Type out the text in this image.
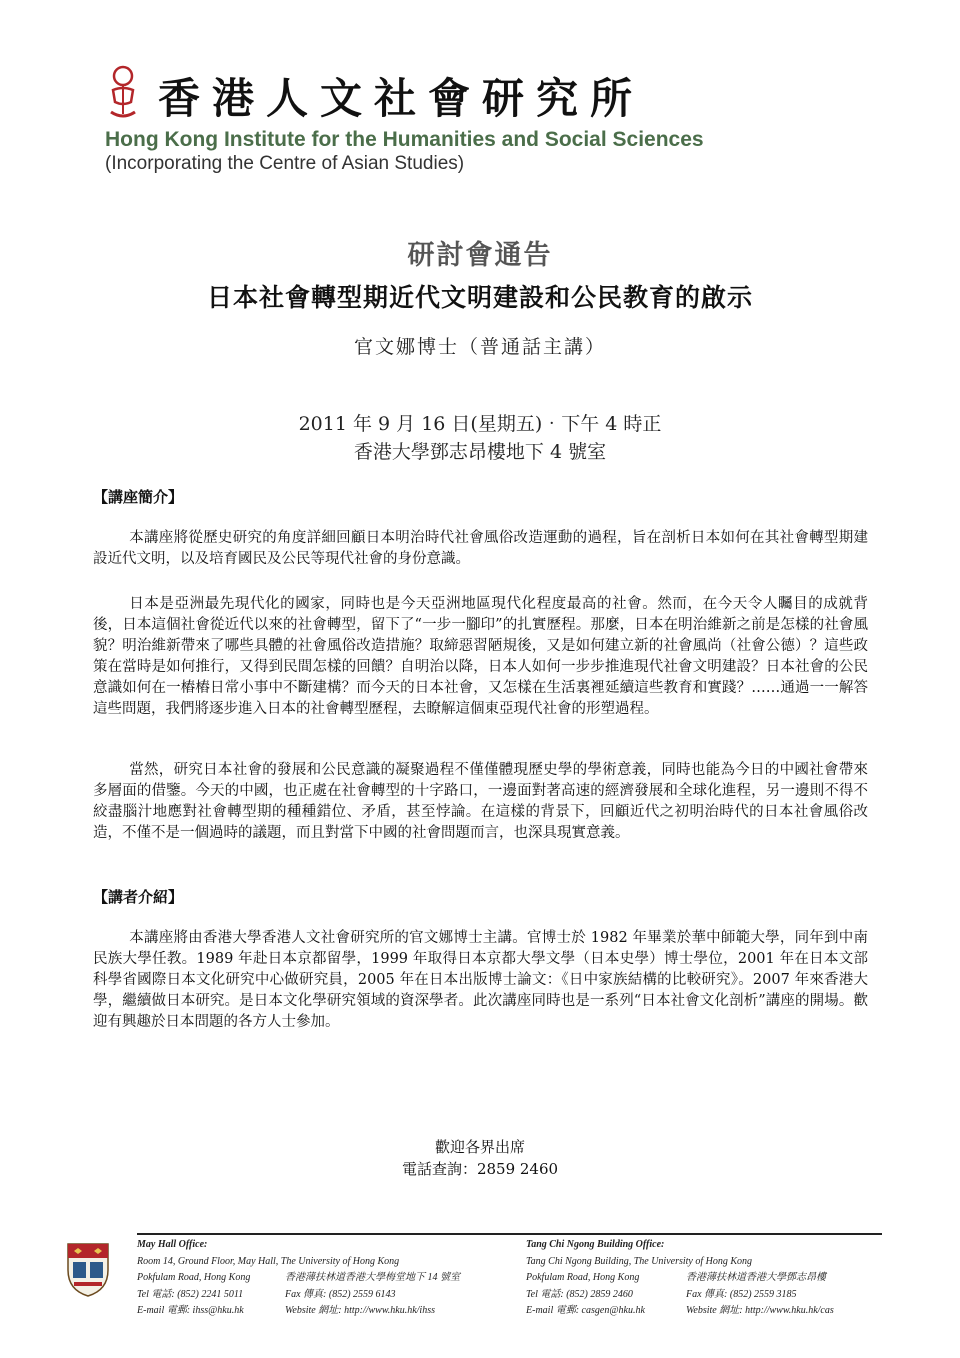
香港人文社會研究所
Hong Kong Institute for the Humanities and Social Sciences
(Incorporating the Centre of Asian Studies)
研討會通告
日本社會轉型期近代文明建設和公民教育的啟示
官文娜博士（普通話主講）
2011 年 9 月 16 日(星期五)‧下午 4 時正
香港大學鄧志昂樓地下 4 號室
【講座簡介】

本講座將從歷史研究的角度詳細回顧日本明治時代社會風俗改造運動的過程，旨在剖析日本如何在其社會轉型期建設近代文明，以及培育國民及公民等現代社會的身份意識。

日本是亞洲最先現代化的國家，同時也是今天亞洲地區現代化程度最高的社會。然而，在今天令人矚目的成就背後，日本這個社會從近代以來的社會轉型，留下了“一步一腳印”的扎實歷程。那麼，日本在明治維新之前是怎樣的社會風貌？明治維新帶來了哪些具體的社會風俗改造措施？取締惡習陋規後，又是如何建立新的社會風尚（社會公德）？這些政策在當時是如何推行，又得到民間怎樣的回饋？自明治以降，日本人如何一步步推進現代社會文明建設？日本社會的公民意識如何在一樁樁日常小事中不斷建構？而今天的日本社會，又怎樣在生活裏裡延續這些教育和實踐？……通過一一解答這些問題，我們將逐步進入日本的社會轉型歷程，去瞭解這個東亞現代社會的形塑過程。

當然，研究日本社會的發展和公民意識的凝聚過程不僅僅體現歷史學的學術意義，同時也能為今日的中國社會帶來多層面的借鑒。今天的中國，也正處在社會轉型的十字路口，一邊面對著高速的經濟發展和全球化進程，另一邊則不得不絞盡腦汁地應對社會轉型期的種種錯位、矛盾，甚至悖論。在這樣的背景下，回顧近代之初明治時代的日本社會風俗改造，不僅不是一個過時的議題，而且對當下中國的社會問題而言，也深具現實意義。

【講者介紹】

本講座將由香港大學香港人文社會研究所的官文娜博士主講。官博士於 1982 年畢業於華中師範大學，同年到中南民族大學任教。1989 年赴日本京都留學，1999 年取得日本京都大學文學（日本史學）博士學位，2001 年在日本文部科學省國際日本文化研究中心做研究員，2005 年在日本出版博士論文：《日中家族結構的比較研究》。2007 年來香港大學，繼續做日本研究。是日本文化學研究領域的資深學者。此次講座同時也是一系列“日本社會文化剖析”講座的開場。歡迎有興趣於日本問題的各方人士參加。

歡迎各界出席
電話查詢：2859 2460
May Hall Office:
Room 14, Ground Floor, May Hall, The University of Hong Kong
Pokfulam Road, Hong Kong	香港薄扶林道香港大學梅堂地下 14 號室
Tel 電話: (852) 2241 5011	Fax 傳真: (852) 2559 6143
E-mail 電郵: ihss@hku.hk	Website 網址: http://www.hku.hk/ihss
Tang Chi Ngong Building Office:
Tang Chi Ngong Building, The University of Hong Kong
Pokfulam Road, Hong Kong	香港薄扶林道香港大學鄧志昂樓
Tel 電話: (852) 2859 2460	Fax 傳真: (852) 2559 3185
E-mail 電郵: casgen@hku.hk	Website 網址: http://www.hku.hk/cas
